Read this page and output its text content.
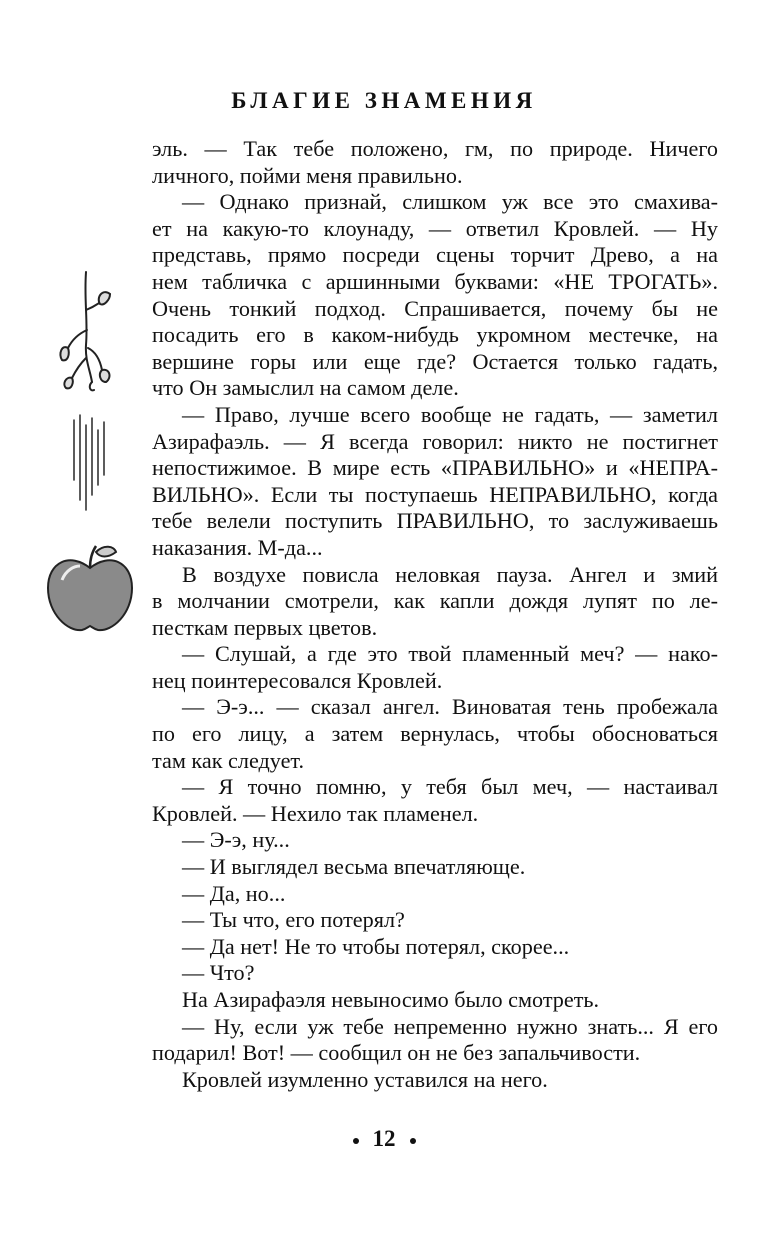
БЛАГИЕ ЗНАМЕНИЯ
эль. — Так тебе положено, гм, по природе. Ничего
личного, пойми меня правильно.
— Однако признай, слишком уж все это смахива-
ет на какую-то клоунаду, — ответил Кровлей. — Ну
представь, прямо посреди сцены торчит Древо, а на
нем табличка с аршинными буквами: «НЕ ТРОГАТЬ».
Очень тонкий подход. Спрашивается, почему бы не
посадить его в каком-нибудь укромном местечке, на
вершине горы или еще где? Остается только гадать,
что Он замыслил на самом деле.
— Право, лучше всего вообще не гадать, — заметил
Азирафаэль. — Я всегда говорил: никто не постигнет
непостижимое. В мире есть «ПРАВИЛЬНО» и «НЕПРА-
ВИЛЬНО». Если ты поступаешь НЕПРАВИЛЬНО, когда
тебе велели поступить ПРАВИЛЬНО, то заслуживаешь
наказания. М-да...
В воздухе повисла неловкая пауза. Ангел и змий
в молчании смотрели, как капли дождя лупят по ле-
песткам первых цветов.
— Слушай, а где это твой пламенный меч? — нако-
нец поинтересовался Кровлей.
— Э-э... — сказал ангел. Виноватая тень пробежала
по его лицу, а затем вернулась, чтобы обосноваться
там как следует.
— Я точно помню, у тебя был меч, — настаивал
Кровлей. — Нехило так пламенел.
— Э-э, ну...
— И выглядел весьма впечатляюще.
— Да, но...
— Ты что, его потерял?
— Да нет! Не то чтобы потерял, скорее...
— Что?
На Азирафаэля невыносимо было смотреть.
— Ну, если уж тебе непременно нужно знать... Я его
подарил! Вот! — сообщил он не без запальчивости.
Кровлей изумленно уставился на него.
12
